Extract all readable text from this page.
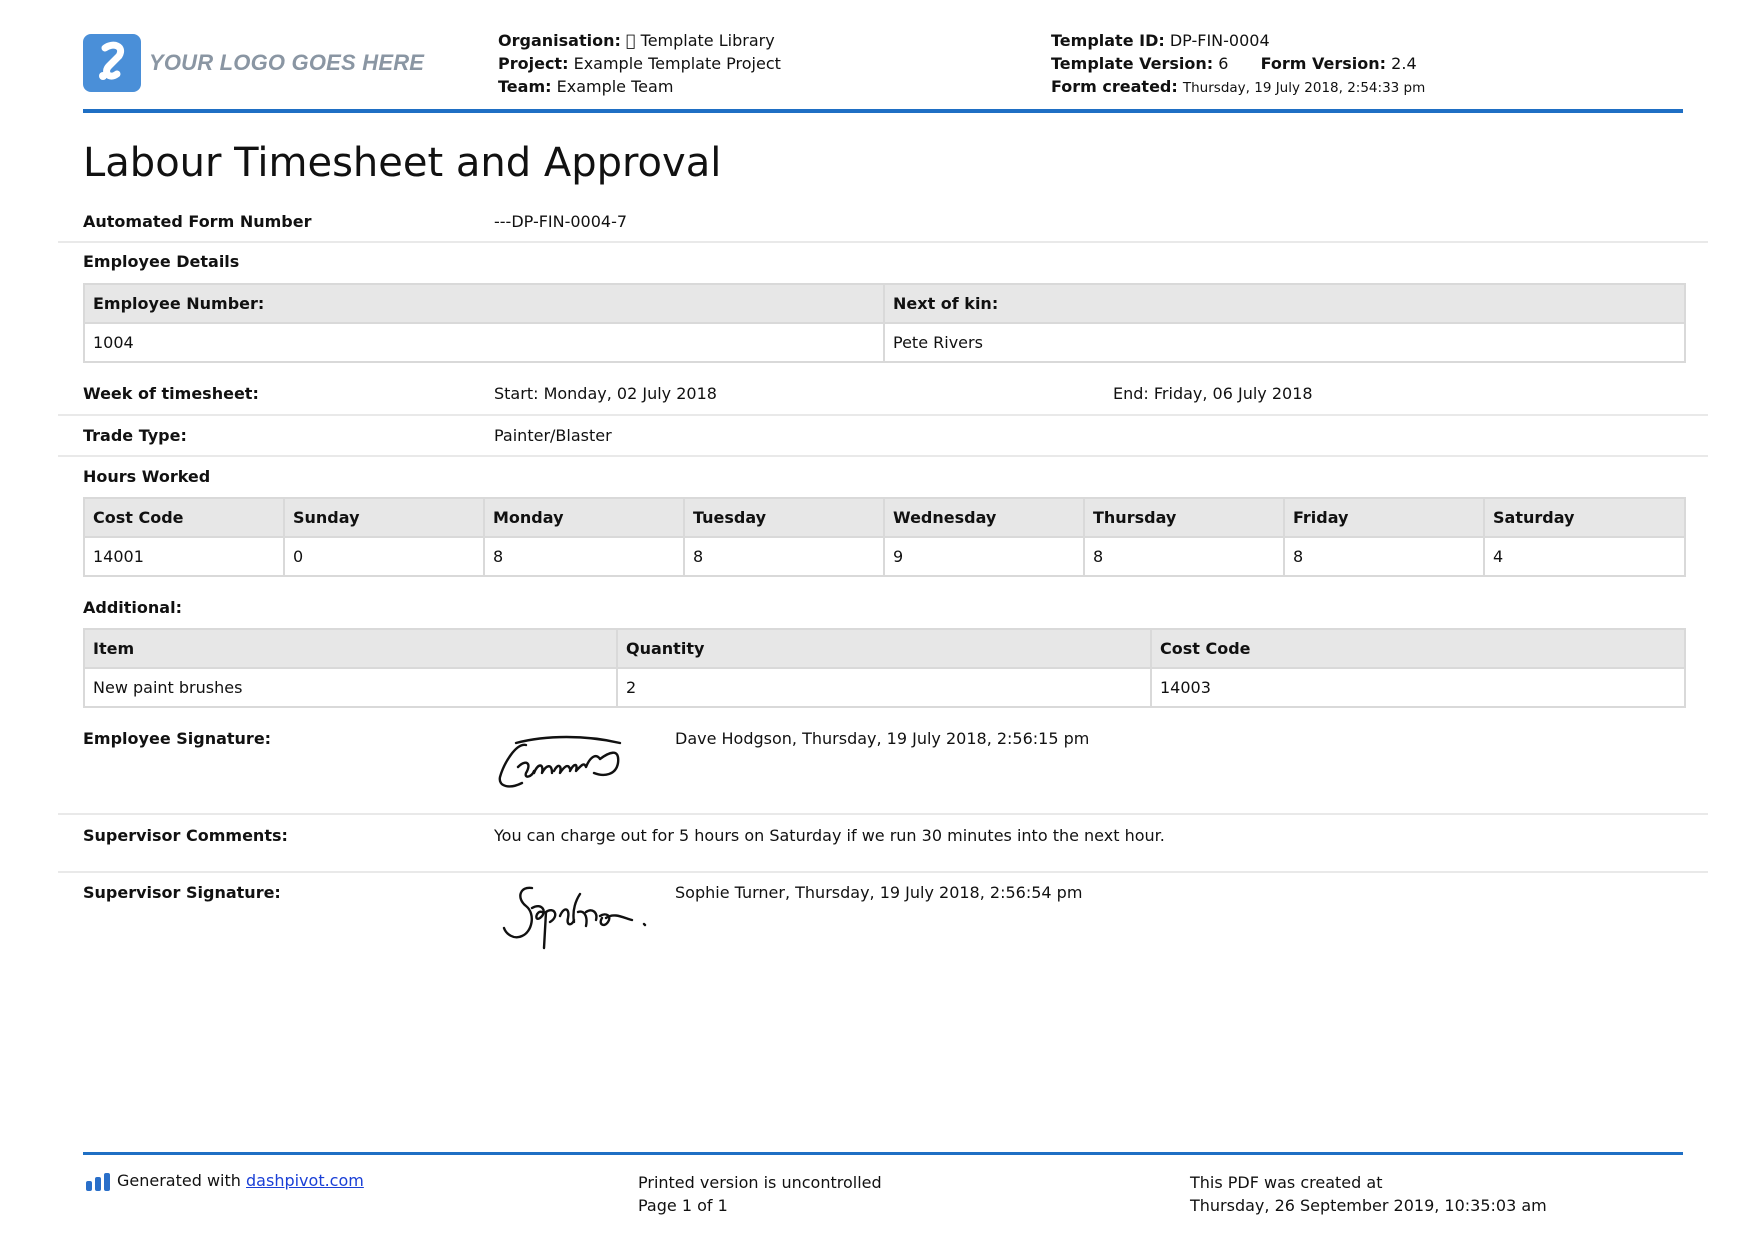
YOUR LOGO GOES HERE
Organisation: Template Library
Project: Example Template Project
Team: Example Team
Template ID: DP-FIN-0004
Template Version: 6 Form Version: 2.4
Form created: Thursday, 19 July 2018, 2:54:33 pm
Labour Timesheet and Approval
Automated Form Number	---DP-FIN-0004-7
Employee Details
Employee Number:	Next of kin:
1004	Pete Rivers
Week of timesheet:	Start: Monday, 02 July 2018	End: Friday, 06 July 2018
Trade Type:	Painter/Blaster
Hours Worked
Cost Code	Sunday	Monday	Tuesday	Wednesday	Thursday	Friday	Saturday
14001	0	8	8	9	8	8	4
Additional:
Item	Quantity	Cost Code
New paint brushes	2	14003
Employee Signature:	Dave Hodgson, Thursday, 19 July 2018, 2:56:15 pm
Supervisor Comments:	You can charge out for 5 hours on Saturday if we run 30 minutes into the next hour.
Supervisor Signature:	Sophie Turner, Thursday, 19 July 2018, 2:56:54 pm
Generated with dashpivot.com	Printed version is uncontrolled
Page 1 of 1
This PDF was created at
Thursday, 26 September 2019, 10:35:03 am
